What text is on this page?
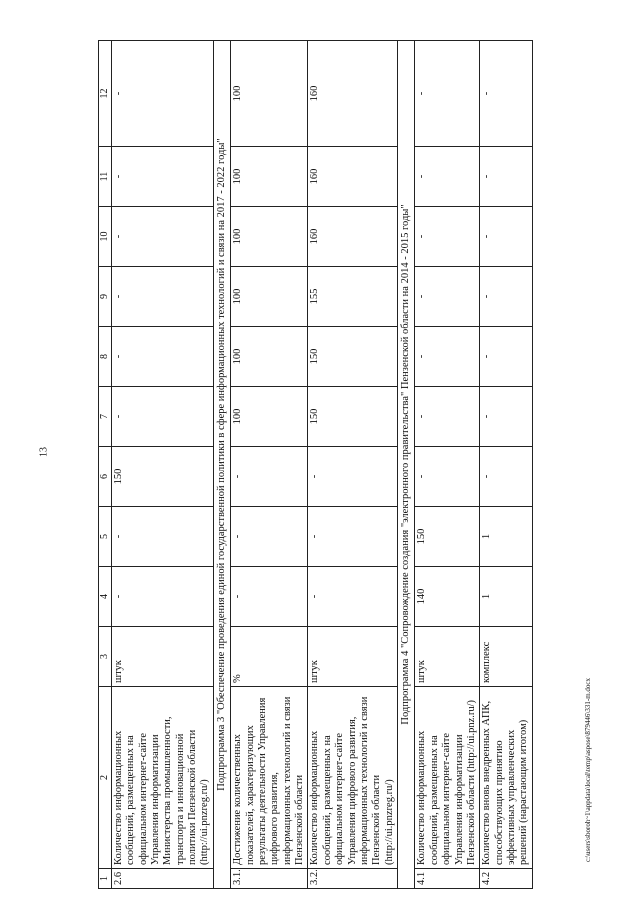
13
1	2	3	4	5	6	7	8	9	10	11	12
2.6	Количество информационных сообщений, размещенных на официальном интернет-сайте Управления информатизации Министерства промышленности, транспорта и инновационной политики Пензенской области (http://ui.pnzreg.ru/)	штук	-	-	150	-	-	-	-	-	-
Подпрограмма 3 "Обеспечение проведения единой государственной политики в сфере информационных технологий и связи на 2017 - 2022 годы"											
3.1.	Достижение количественных показателей, характеризующих результаты деятельности Управления цифрового развития, информационных технологий и связи Пензенской области	%	-	-	-	100	100	100	100	100	100
3.2.	Количество информационных сообщений, размещенных на официальном интернет-сайте Управления цифрового развития, информационных технологий и связи Пензенской области (http://ui.pnzreg.ru/)	штук	-	-	-	150	150	155	160	160	160
Подпрограмма 4 "Сопровождение создания "электронного правительства" Пензенской области на 2014 - 2015 годы"											
4.1	Количество информационных сообщений, размещенных на официальном интернет-сайте Управления информатизации Пензенской области (http://ui.pnz.ru/)	штук	140	150	-	-	-	-	-	-	-
4.2	Количество вновь внедренных АПК, способствующих принятию эффективных управленческих решений (нарастающим итогом)	комплекс	1	1	-	-	-	-	-	-	-
c:\users\sboroh~1\appdata\local\temp\aspose\879446\331-m.docx
